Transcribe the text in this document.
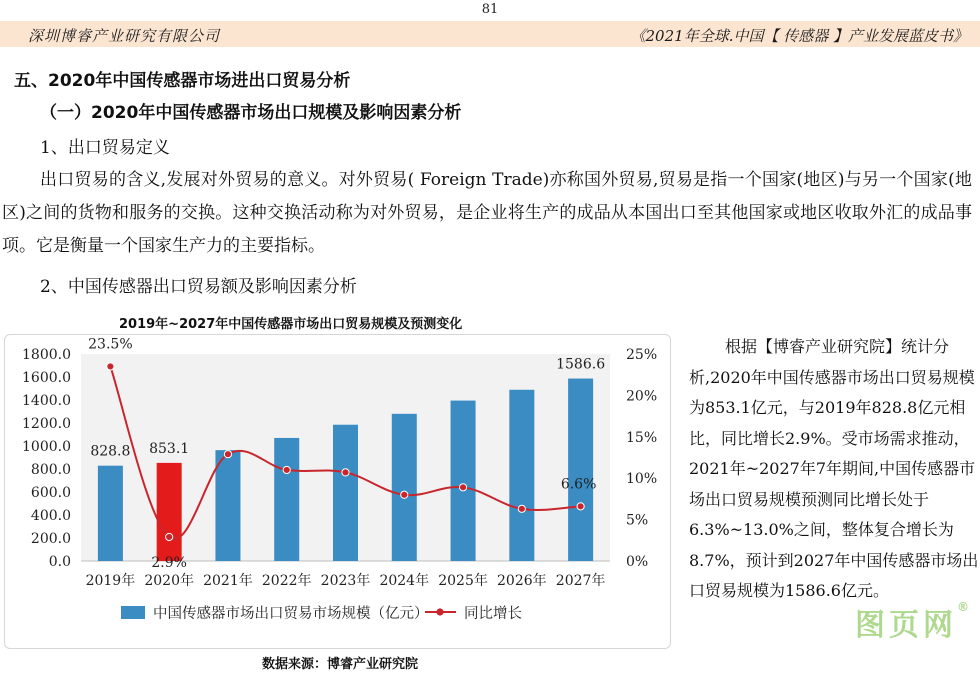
81
深圳博睿产业研究有限公司	《2021年全球.中国【 传感器 】产业发展蓝皮书》
五、2020年中国传感器市场进出口贸易分析
（一）2020年中国传感器市场出口规模及影响因素分析
1、出口贸易定义
出口贸易的含义,发展对外贸易的意义。对外贸易( Foreign Trade)亦称国外贸易,贸易是指一个国家(地区)与另一个国家(地区)之间的货物和服务的交换。这种交换活动称为对外贸易，是企业将生产的成品从本国出口至其他国家或地区收取外汇的成品事项。它是衡量一个国家生产力的主要指标。
2、中国传感器出口贸易额及影响因素分析
2019年~2027年中国传感器市场出口贸易规模及预测变化
0.0
200.0
400.0
600.0
800.0
1000.0
1200.0
1400.0
1600.0
1800.0
0%
5%
10%
15%
20%
25%
2019年 2020年 2021年 2022年 2023年 2024年 2025年 2026年 2027年
828.8 853.1
1586.6
23.5%
2.9%
6.6%
中国传感器市场出口贸易市场规模（亿元） 同比增长
数据来源：博睿产业研究院

根据【博睿产业研究院】统计分析,2020年中国传感器市场出口贸易规模为853.1亿元，与2019年828.8亿元相比，同比增长2.9%。受市场需求推动，2021年~2027年7年期间,中国传感器市场出口贸易规模预测同比增长处于6.3%~13.0%之间，整体复合增长为8.7%，预计到2027年中国传感器市场出口贸易规模为1586.6亿元。

图页网®
